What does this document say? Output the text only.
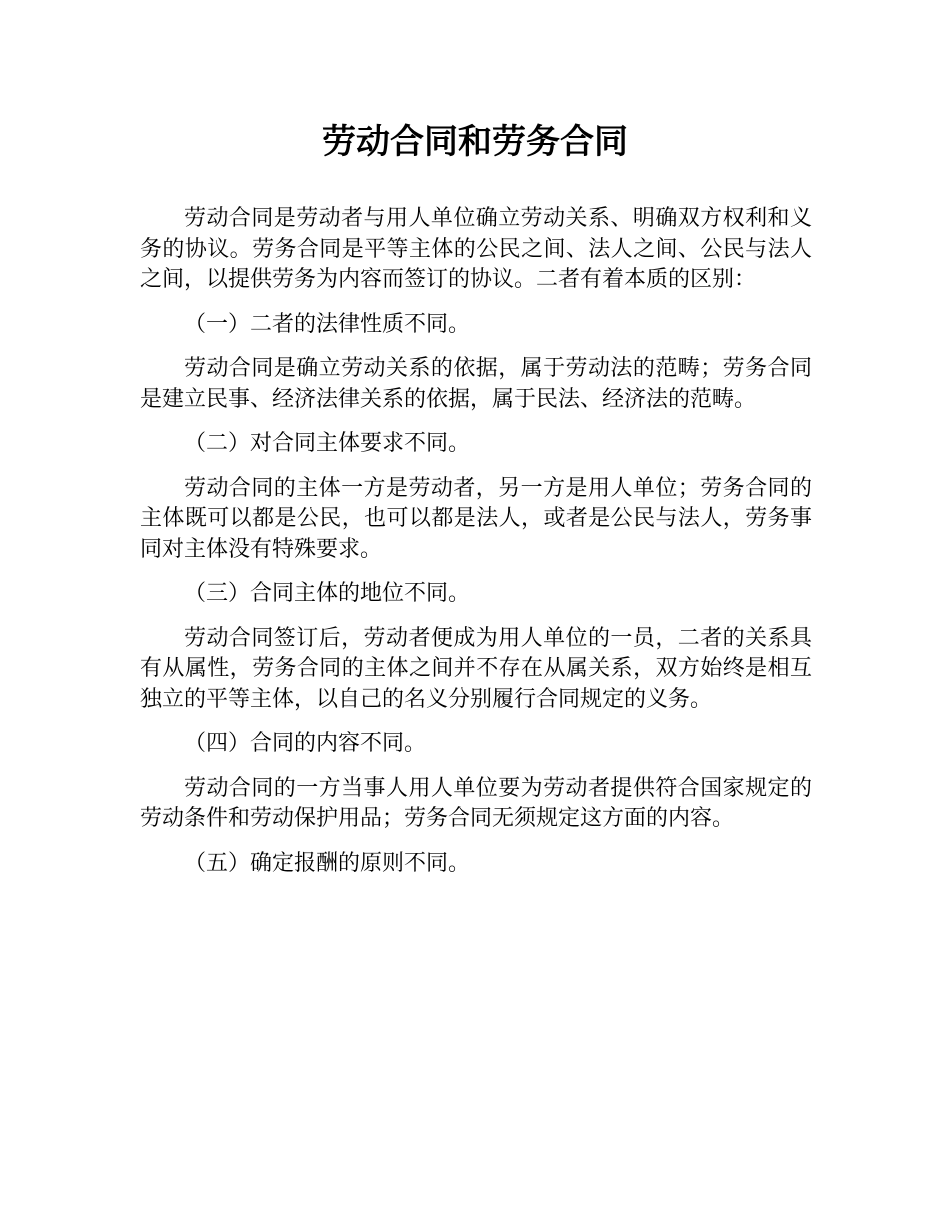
劳动合同和劳务合同

劳动合同是劳动者与用人单位确立劳动关系、明确双方权利和义务的协议。劳务合同是平等主体的公民之间、法人之间、公民与法人之间，以提供劳务为内容而签订的协议。二者有着本质的区别：

（一）二者的法律性质不同。

劳动合同是确立劳动关系的依据，属于劳动法的范畴；劳务合同是建立民事、经济法律关系的依据，属于民法、经济法的范畴。

（二）对合同主体要求不同。

劳动合同的主体一方是劳动者，另一方是用人单位；劳务合同的主体既可以都是公民，也可以都是法人，或者是公民与法人，劳务事同对主体没有特殊要求。

（三）合同主体的地位不同。

劳动合同签订后，劳动者便成为用人单位的一员，二者的关系具有从属性，劳务合同的主体之间并不存在从属关系，双方始终是相互独立的平等主体，以自己的名义分别履行合同规定的义务。

（四）合同的内容不同。

劳动合同的一方当事人用人单位要为劳动者提供符合国家规定的劳动条件和劳动保护用品；劳务合同无须规定这方面的内容。

（五）确定报酬的原则不同。
